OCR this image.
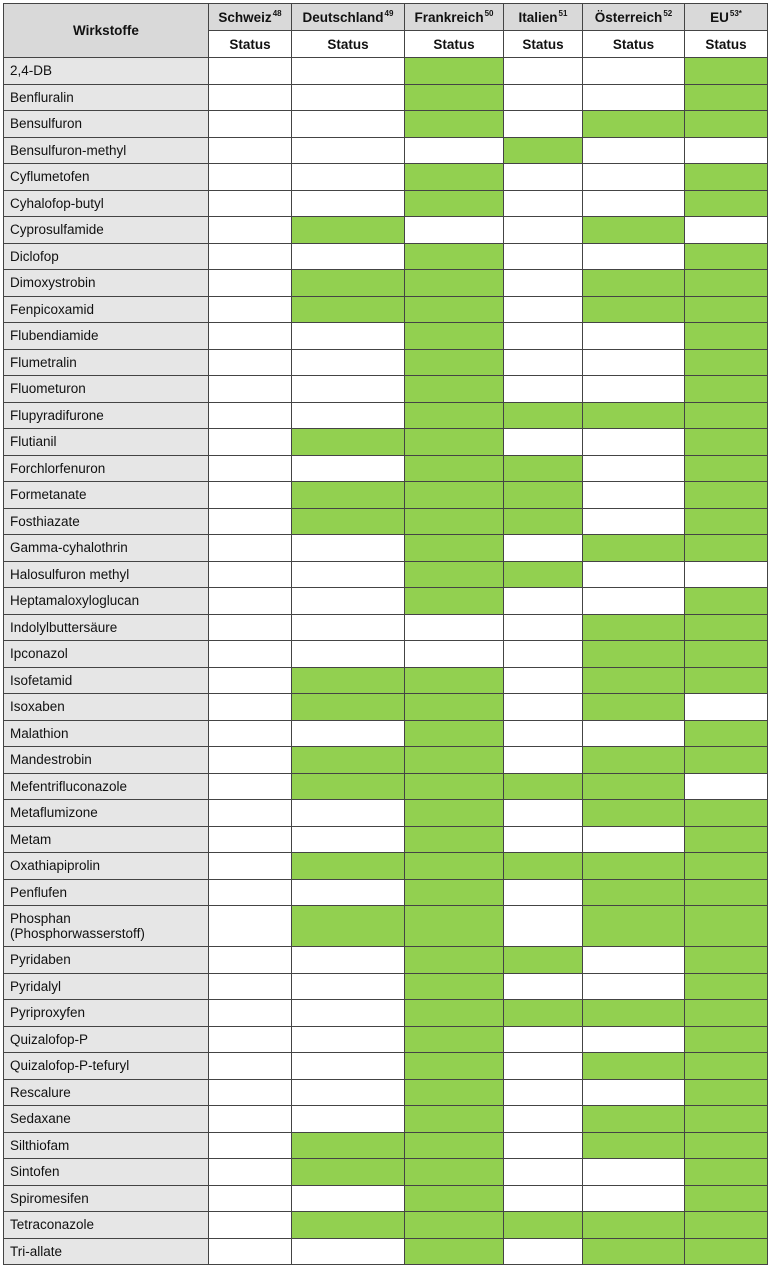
Wirkstoffe	Schweiz$^{48}$	Deutschland$^{49}$	Frankreich$^{50}$	Italien$^{51}$	Österreich$^{52}$	$EU^{53*}$
	Status	Status	Status	Status	Status	Status
2,4-DB						
Benfluralin						
Bensulfuron						
Bensulfuron-methyl						
Cyflumetofen						
Cyhalofop-butyl						
Cyprosulfamide						
Diclofop						
Dimoxystrobin						
Fenpicoxamid						
Flubendiamide						
Flumetralin						
Fluometuron						
Flupyradifurone						
Flutianil						
Forchlorfenuron						
Formetanate						
Fosthiazate						
Gamma-cyhalothrin						
Halosulfuron methyl						
Heptamaloxyloglucan						
Indolylbuttersäure						
Ipconazol						
Isofetamid						
Isoxaben						
Malathion						
Mandestrobin						
Mefentrifluconazole						
Metaflumizone						
Metam						
Oxathiapiprolin						
Penflufen						
Phosphan (Phosphorwasserstoff)						
Pyridaben						
Pyridalyl						
Pyriproxyfen						
Quizalofop-P						
Quizalofop-P-tefuryl						
Rescalure						
Sedaxane						
Silthiofam						
Sintofen						
Spiromesifen						
Tetraconazole						
Tri-allate						
